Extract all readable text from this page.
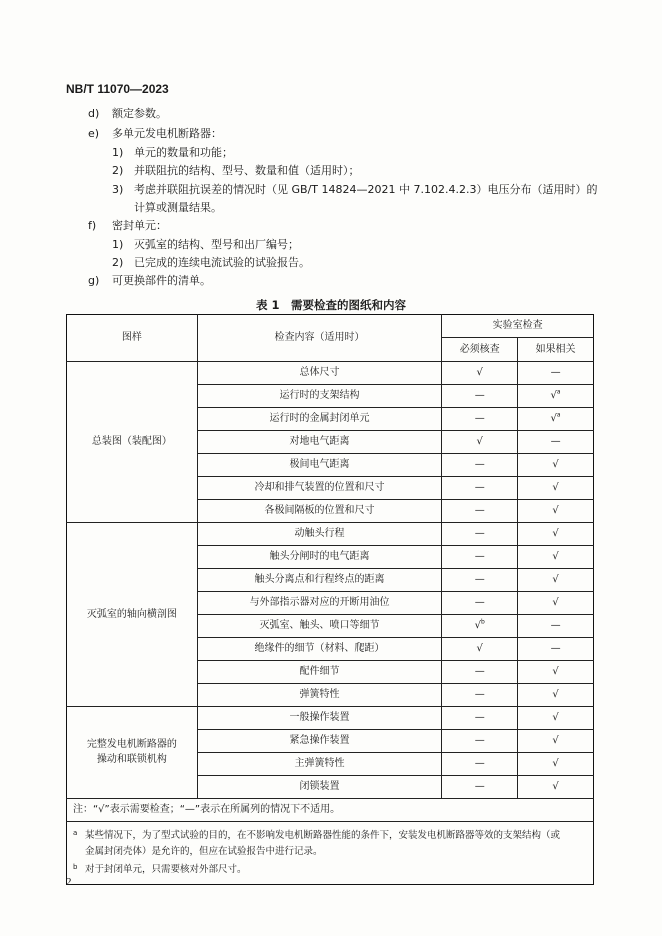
NB/T 11070—2023
d) 额定参数。
e) 多单元发电机断路器：
1) 单元的数量和功能；
2) 并联阻抗的结构、型号、数量和值（适用时）；
3) 考虑并联阻抗误差的情况时（见 GB/T 14824—2021 中 7.102.4.2.3）电压分布（适用时）的
计算或测量结果。
f) 密封单元：
1) 灭弧室的结构、型号和出厂编号；
2) 已完成的连续电流试验的试验报告。
g) 可更换部件的清单。
表 1　需要检查的图纸和内容
图样	检查内容（适用时）	实验室检查	
		必须核查	如果相关
总装图（装配图）	总体尺寸	√	—
	运行时的支架结构	—	√$^a$
	运行时的金属封闭单元	—	√$^a$
	对地电气距离	√	—
	极间电气距离	—	√
	冷却和排气装置的位置和尺寸	—	√
	各极间隔板的位置和尺寸	—	√
灭弧室的轴向横剖图	动触头行程	—	√
	触头分闸时的电气距离	—	√
	触头分离点和行程终点的距离	—	√
	与外部指示器对应的开断用油位	—	√
	灭弧室、触头、喷口等细节	√$^b$	—
	绝缘件的细节（材料、爬距）	√	—
	配件细节	—	√
	弹簧特性	—	√

完整发电机断路器的
操动和联锁机构	一般操作装置	—	√
	紧急操作装置	—	√
	主弹簧特性	—	√
	闭锁装置	—	√
注：“√”表示需要检查；“—”表示在所属列的情况下不适用。			

a 某些情况下，为了型式试验的目的，在不影响发电机断路器性能的条件下，安装发电机断路器等效的支架结构（或
金属封闭壳体）是允许的，但应在试验报告中进行记录。
b 对于封闭单元，只需要核对外部尺寸。			
2
